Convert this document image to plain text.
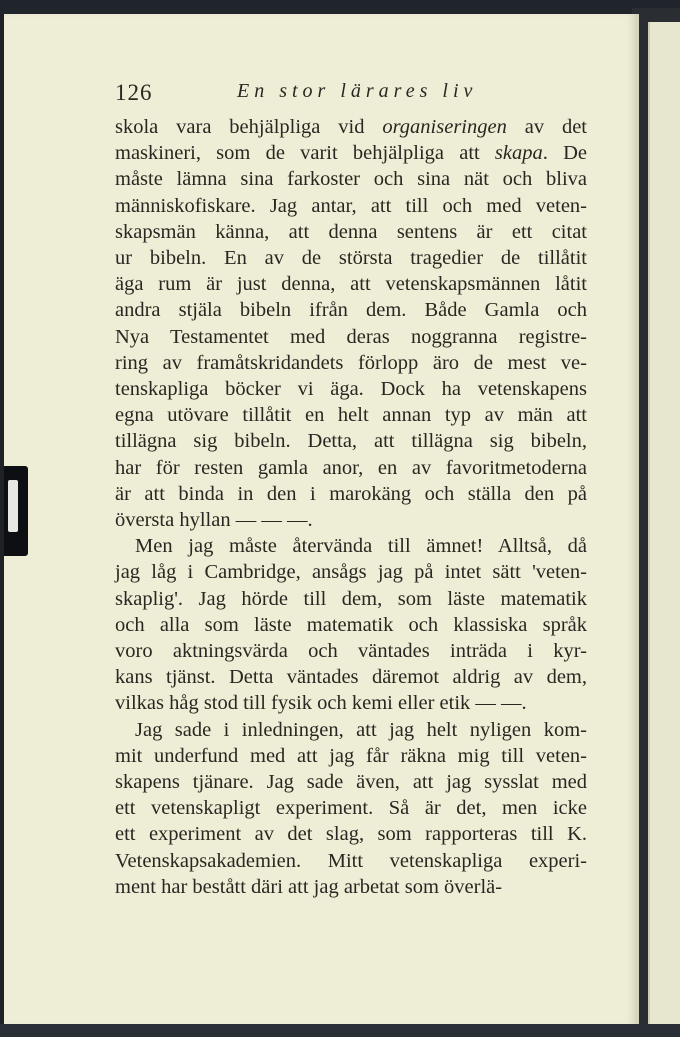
126	En stor lärares liv
skola vara behjälpliga vid organiseringen av det
maskineri, som de varit behjälpliga att skapa. De
måste lämna sina farkoster och sina nät och bliva
människofiskare. Jag antar, att till och med veten-
skapsmän känna, att denna sentens är ett citat
ur bibeln. En av de största tragedier de tillåtit
äga rum är just denna, att vetenskapsmännen låtit
andra stjäla bibeln ifrån dem. Både Gamla och
Nya Testamentet med deras noggranna registre-
ring av framåtskridandets förlopp äro de mest ve-
tenskapliga böcker vi äga. Dock ha vetenskapens
egna utövare tillåtit en helt annan typ av män att
tillägna sig bibeln. Detta, att tillägna sig bibeln,
har för resten gamla anor, en av favoritmetoderna
är att binda in den i marokäng och ställa den på
översta hyllan — — —.
Men jag måste återvända till ämnet! Alltså, då
jag låg i Cambridge, ansågs jag på intet sätt 'veten-
skaplig'. Jag hörde till dem, som läste matematik
och alla som läste matematik och klassiska språk
voro aktningsvärda och väntades inträda i kyr-
kans tjänst. Detta väntades däremot aldrig av dem,
vilkas håg stod till fysik och kemi eller etik — —.
Jag sade i inledningen, att jag helt nyligen kom-
mit underfund med att jag får räkna mig till veten-
skapens tjänare. Jag sade även, att jag sysslat med
ett vetenskapligt experiment. Så är det, men icke
ett experiment av det slag, som rapporteras till K.
Vetenskapsakademien. Mitt vetenskapliga experi-
ment har bestått däri att jag arbetat som överlä-
